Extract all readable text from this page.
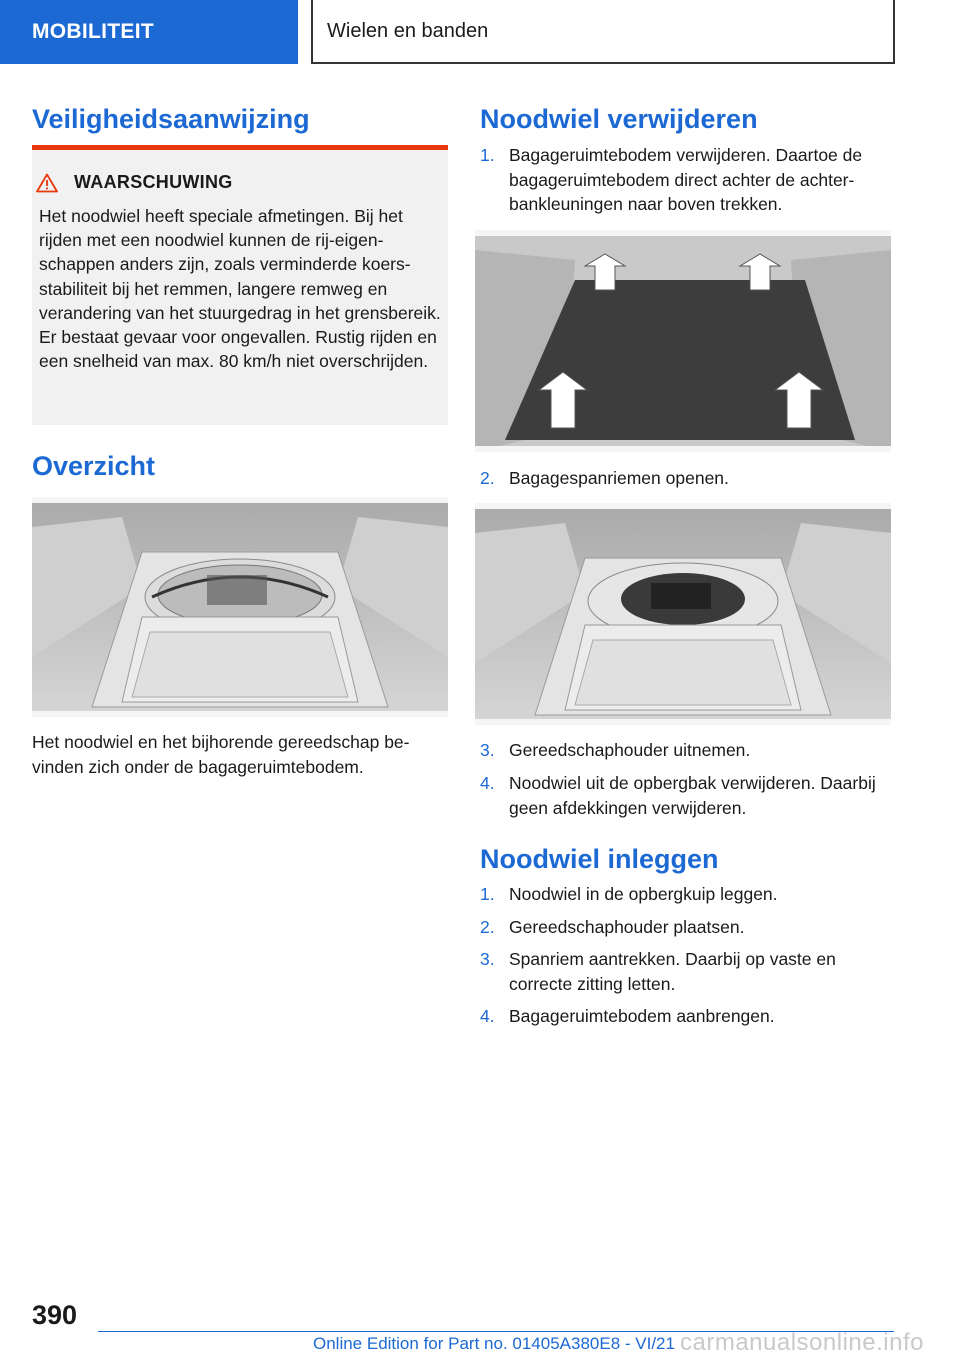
MOBILITEIT	Wielen en banden
Veiligheidsaanwijzing
WAARSCHUWING
Het noodwiel heeft speciale afmetingen. Bij het rijden met een noodwiel kunnen de rij-eigenschappen anders zijn, zoals verminderde koersstabiliteit bij het remmen, langere remweg en verandering van het stuurgedrag in het grensbereik. Er bestaat gevaar voor ongevallen. Rustig rijden en een snelheid van max. 80 km/h niet overschrijden.
Overzicht
Het noodwiel en het bijhorende gereedschap bevinden zich onder de bagageruimtebodem.
Noodwiel verwijderen
1. Bagageruimtebodem verwijderen. Daartoe de bagageruimtebodem direct achter de achterbankleuningen naar boven trekken.
2. Bagagespanriemen openen.
3. Gereedschaphouder uitnemen.
4. Noodwiel uit de opbergbak verwijderen. Daarbij geen afdekkingen verwijderen.
Noodwiel inleggen
1. Noodwiel in de opbergkuip leggen.
2. Gereedschaphouder plaatsen.
3. Spanriem aantrekken. Daarbij op vaste en correcte zitting letten.
4. Bagageruimtebodem aanbrengen.
390
Online Edition for Part no. 01405A380E8 - VI/21 carmanualsonline.info
